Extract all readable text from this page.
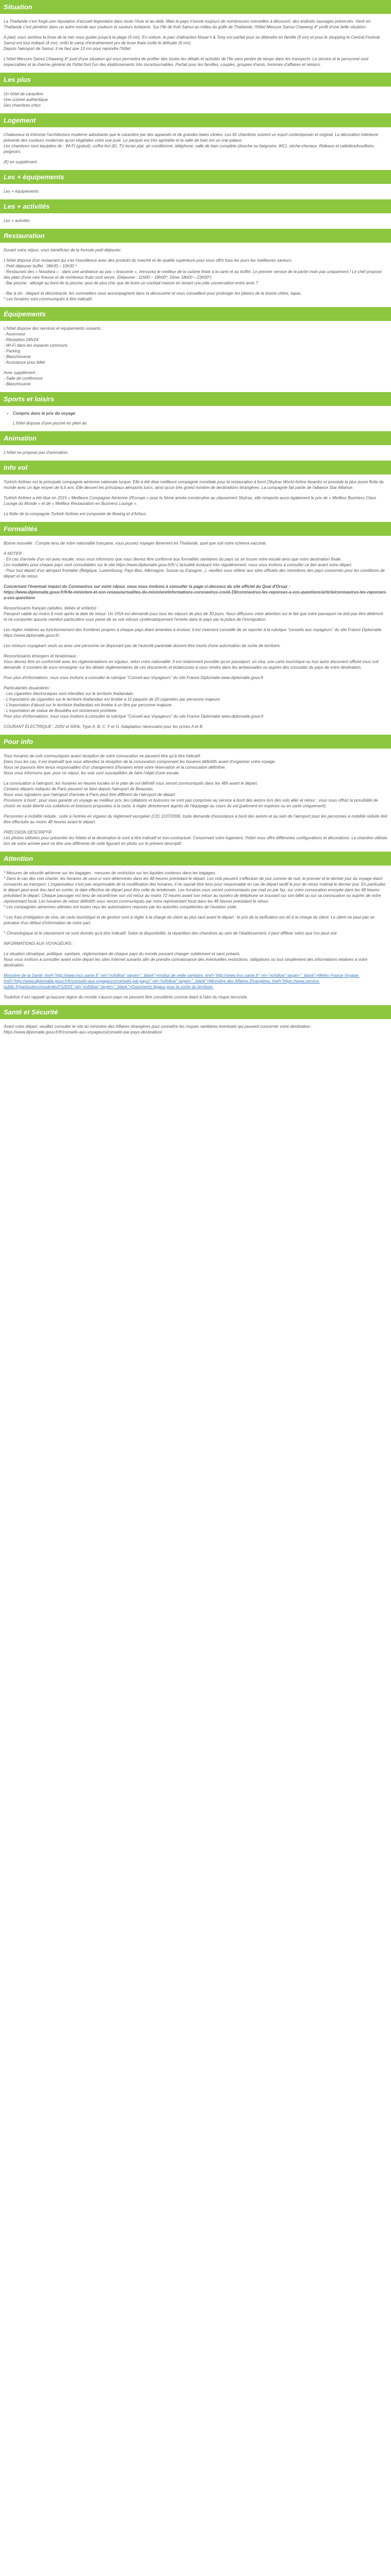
Situation

La Thaïlande s'est forgé une réputation d'accueil légendaire dans toute l'Asie et au-delà. Mais le pays n'existe toujours de nombreuses merveilles à découvrir, des endroits sauvages préservés. Venir en Thaïlande c'est pénétrer dans un autre monde aux couleurs et saveurs éclatants. Sur l'île de Koh Samui au milieu du golfe de Thaïlande, l'hôtel Mercure Samui Chaweng 4* profil d'une belle situation.

A pied, vous sentirez la brise de la mer vous guider jusqu'à la plage (5 mn). En voiture, le parc d'attraction Nouer's & Tony est parfait pour se détendre en famille (9 mn) et pour le shopping le Central Festival Samui est tout indiqué (4 mn), enfin le camp d'entraînement pro de boxe thaïe invite le défouler (6 mn).
Depuis l'aéroport de Samui, il ne faut que 13 mn pour rejoindre l'hôtel.

L'hôtel Mercure Samui Chaweng 4* jouit d'une situation qui vous permettra de profiter des toutes les détails et activités de l'île sans perdre de temps dans les transports. Le service et le personnel sont impeccables et la charme général de l'hôtel font l'un des établissements très incontournables. Parfait pour les familles, couples, groupes d'amis, hommes d'affaires et séniors.

Les plus

Un hôtel de caractère
Une cuisine authentique
Des chambres chics

Logement

Chaleureux et intimiste l'architecture moderne adoubante que le caractère par des appareils et de grandes baies vitrées. Les 81 chambres suivent un esprit contemporain et original. La décoration intérieure présente des couleurs modernes qu'un végétales votre vue joué. Le parquet est très agréable et la salle de bain est un vrai palace.
Les chambres sont équipées de : Wi-Fi (gratuit), coffre-fort (€), TV écran plat, air conditionné, téléphone, salle de bain complète (douche ou baignoire, WC), sèche-cheveux. Rideaux et cafetière/bouilloire, peignoirs.

(€) en supplément

Les + équipements

Les + équipements

Les + activités

Les + activités

Restauration

Durant votre séjour, vous bénéficiez de la formule petit-déjeuner.

L'hôtel dispose d'un restaurant qui s'ex l'excellence avec des produits du marché et de qualité supérieure pour vous offrir tous les jours les meilleures saveurs.
- Petit déjeuner buffet : 06h30 – 10h30 *
- Restaurant des « Noodsea » : dans une ambiance au pas « brasserie », retrouvez le meilleur de la cuisine thaïe à la carte et au buffet. Le premier service de la partie mais pas uniquement ! Le chef propose des plats d'une rare finesse et de nombreux fruits sont servis. (Déjeuner : 11h00 – 18h00*, Dîner 18h00 – 23h00*)
- Bar piscine : allongé au bord de la piscine, quoi de plus chic que de boire un cocktail maison en tenant une jolie conversation entre amis ?

- Bar à vin : élégant et décontracté, les sommeliers vous accompagnent dans la découverte et vous conseillent pour prolonger les plaisirs de la bonne chère, tapas.
* Les horaires sont communiqués à titre indicatif.

Équipements

L'hôtel dispose des services et équipements suivants :
- Ascenseur
- Réception 24h/24
- Wi-Fi dans les espaces communs
- Parking
- Blanchisserie
- Assistance pour billet

Avec supplément :
- Salle de conférence
- Blanchisserie

Sports et loisirs
• Compris dans le prix du voyage

L'hôtel dispose d'une piscine en plein air.

Animation

L'hôtel ne propose pas d'animation.

Info vol

Turkish Airlines est la principale compagnie aérienne nationale turque. Elle a été élue meilleure compagnie mondiale pour la restauration à bord (Skytrax World Airline Awards) et possède la plus jeune flotte du monde avec un âge moyen de 6,5 ans. Elle dessert les principaux aéroports turcs, ainsi qu'un très grand nombre de destinations étrangères. La compagnie fait partie de l'alliance Star Alliance.

Turkish Airlines a été élue en 2015 « Meilleure Compagnie Aérienne d'Europe » pour la 5ème année consécutive au classement Skytrax, elle remporte aussi également le prix de « Meilleur Business Class Lounge du Monde » et de « Meilleur Restauration en Business Lounge ».

La flotte de la compagnie Turkish Airlines est composée de Boeing et d'Airbus.

Formalités

Bonne nouvelle : Compte tenu de votre nationalité française, vous pouvez voyager librement en Thaïlande, quel que soit votre schéma vaccinal.

A NOTER :
- En cas d'arrivée d'un vol avec escale, nous vous informons que vous devrez être conforme aux formalités sanitaires du pays où se trouve votre escale ainsi que votre destination finale.
Les modalités pour chaque pays sont consultables sur le site https://www.diplomatie.gouv.fr/fr/ L'actualité évoluant très régulièrement, nous vous invitons à consulter ce lien avant votre départ.
- Pour tout départ d'un aéroport frontalier (Belgique, Luxembourg, Pays-Bas, Allemagne, Suisse ou Espagne...), veuillez vous référer aux sites officiels des ministères des pays concernés pour les conditions de départ et de retour.

Concernant l'éventuel impact du Coronavirus sur votre séjour, nous vous invitons à consulter la page ci-dessous du site officiel du Quai d'Orsay :
https://www.diplomatie.gouv.fr/fr/le-ministere-et-son-reseau/actualites-du-ministere/informations-coronavirus-covid-19/coronavirus-les-reponses-a-vos-questions/article/coronavirus-les-reponses-a-vos-questions

Ressortissants français (adultes, bébés et enfants) :
Passport valide au moins 6 mois après la date de retour. Un VISA est demandé pour tous les séjours de plus de 30 jours. Nous diffusons votre attention sur le fait que votre passeport ne doit pas être détérioré et ne comporter aucune mention particulière sous peine de se voir refuser systématiquement l'entrée dans le pays par la police de l'immigration.

Les règles relatives au fonctionnement des frontières propres à chaque pays étant amenées à évoluer, il est vivement conseillé de se reporter à la rubrique "conseils aux voyageurs" du site France Diplomatie.
https://www.diplomatie.gouv.fr/

Les mineurs voyageant seuls ou avec une personne ne disposant pas de l'autorité parentale doivent être munis d'une autorisation de sortie de territoire.

Ressortissants étrangers et binationaux :
Vous devrez être en conformité avec les réglementations en vigueur, selon votre nationalité. Il est notamment possible qu'un passeport, un visa, une carte touristique ou tout autre document officiel vous soit demandé. Il convient de vous renseigner sur les détails réglementaires de ces documents et éclaircissez à vous rendre dans les ambassades ou auprès des consulats du pays de votre destination.

Pour plus d'informations, vous vous invitons à consulter la rubrique "Conseil aux Voyageurs" du site France Diplomatie www.diplomatie.gouv.fr

Particularités douanières :
- Les cigarettes électroniques sont interdites sur le territoire thaïlandais.
- L'importation de cigarettes sur le territoire thaïlandais est limitée à 10 paquets de 20 cigarettes par personne majeure.
- L'importation d'alcool sur le territoire thaïlandais est limitée à un litre par personne majeure.
- L'exportation de statue de Bouddha est strictement prohibée.
Pour plus d'informations, nous vous invitons à consulter la rubrique "Conseil aux Voyageurs" du site France Diplomatie www.diplomatie.gouv.fr

COURANT ÉLECTRIQUE : 220V et 50Hz. Type A, B, C, F et O. Adaptateur nécessaire pour les prises A et B.

Pour info

Tous horaires de vols communiqués avant réception de votre convocation ne peuvent être qu'à titre indicatif.
Dans tous les cas, il est impératif que vous attendiez la réception de la convocation comprenant les horaires définitifs avant d'organiser votre voyage.
Nous ne pouvons être tenus responsables d'un changement d'horaires entre votre réservation et la convocation définitive.
Nous vous informons que, pour ce séjour, les vols sont susceptibles de faire l'objet d'une escale.

La convocation à l'aéroport, les horaires en heures locales et le plan de vol définitif vous seront communiqués dans les 48h avant le départ.
Certains départs indiqués de Paris peuvent se faire depuis l'aéroport de Beauvais.
Nous vous signalons que l'aéroport d'arrivée à Paris peut être différent de l'aéroport de départ.
Provisions à bord : pour vous garantir un voyage au meilleur prix, les collations et boissons ne sont pas comprises au service à bord des avions lors des vols aller et retour ; vous vous offrez la possibilité de choisir en toute liberté vos collations et boissons proposées à la carte, à régler directement auprès de l'équipage au cours du vol (paiement en espèces ou en carte uniquement).

Personnes à mobilité réduite : suite à l'entrée en vigueur du règlement européen (CE) 1107/2006, toute demande d'assistance à bord des avions et au sein de l'aéroport pour les personnes à mobilité réduite doit être effectuée au moins 48 heures avant le départ.

PRÉCISION DESCRIPTIF
Les photos utilisées pour présenter les hôtels et la destination le sont à titre indicatif et non-contractuel. Concernant votre logement, l'hôtel vous offre différentes configurations et décorations. La chambre utilisée lors de votre arrivée peut ne être une différente de celle figurant en photo sur le présent descriptif.

Attention

* Mesures de sécurité aérienne sur les bagages : mesures de restriction sur les liquides contenus dans les bagages.
* Dans le cas des vols charter, les horaires de ceux-ci sont déterminés dans les 48 heures précédant le départ. Les vols peuvent s'effectuer de jour comme de nuit, le premier et le dernier jour du voyage étant consacrés au transport. L'organisateur n'est pas responsable de la modification des horaires, il ne saurait être tenu pour responsable en cas de départ tardif le jour de retour matinal le dernier jour. En particulier, le départ peut avoir lieu tard en soirée, la date effective de départ peut être celle du lendemain. Les horaires vous seront communiqués par mail ou par fax, sur votre convocation envoyée dans les 48 heures précédant le départ. Chaque passager est tenu de reconfirmer son vol retour au moins 72 heures avant son retour au numéro de téléphone se trouvant sur son billet ou sur sa convocation ou auprès de notre représentant local. Les horaires de retour définitifs vous seront communiqués par notre représentant local dans les 48 heures précédant le retour.
* Les compagnies aériennes utilisées ont toutes reçu les autorisations requises par les autorités compétentes de l'aviation civile.

* Les frais d'obligation de visa, de carte touristique et de gestion sont à régler à la charge du client au plus tard avant le départ ; le prix de la tarification est dû à la charge du client. Le client ne peut pas se prévaloir d'un défaut d'information de notre part.

* Chronologique et le classement ne sont donnés qu'à titre indicatif. Selon la disponibilité, la répartition des chambres au sein de l'établissement, il peut différer selon que l'on peut voir.

INFORMATIONS AUX VOYAGEURS :

La situation climatique, politique, sanitaire, réglementaire de chaque pays du monde pouvant changer subitement et sans préavis.
Nous vous invitons à consulter avant votre départ les sites Internet suivants afin de prendre connaissance des éventuelles restrictions, obligations ou tout simplement des informations relatives à votre destination.

Ministère de la Santé: href="http://www.mcs.sante.fr" rel="nofollow" target="_blank">Institut de veille sanitaire, href="http://www.invs.sante.fr" rel="nofollow" target="_blank">Météo France Voyage, href="http://www.diplomatie.gouv.fr/fr/conseils-aux-voyageurs/conseils-par-pays/" rel="nofollow" target="_blank">Ministère des Affaires Étrangères, href="https://www.service-public.fr/particuliers/vosdroits/F32833" rel="nofollow" target="_blank">Documents légaux pour la sortie du territoire.

Toutefois il est rappelé qu'aucune région du monde n'aucun pays ne peuvent être considérés comme étant à l'abri du risque terroriste.

Santé et Sécurité

Avant votre départ, veuillez consulter le site du ministère des Affaires étrangères pour connaître les risques sanitaires éventuels qui peuvent concerner votre destination : https://www.diplomatie.gouv.fr/fr/conseils-aux-voyageurs/conseils-par-pays-destination/
